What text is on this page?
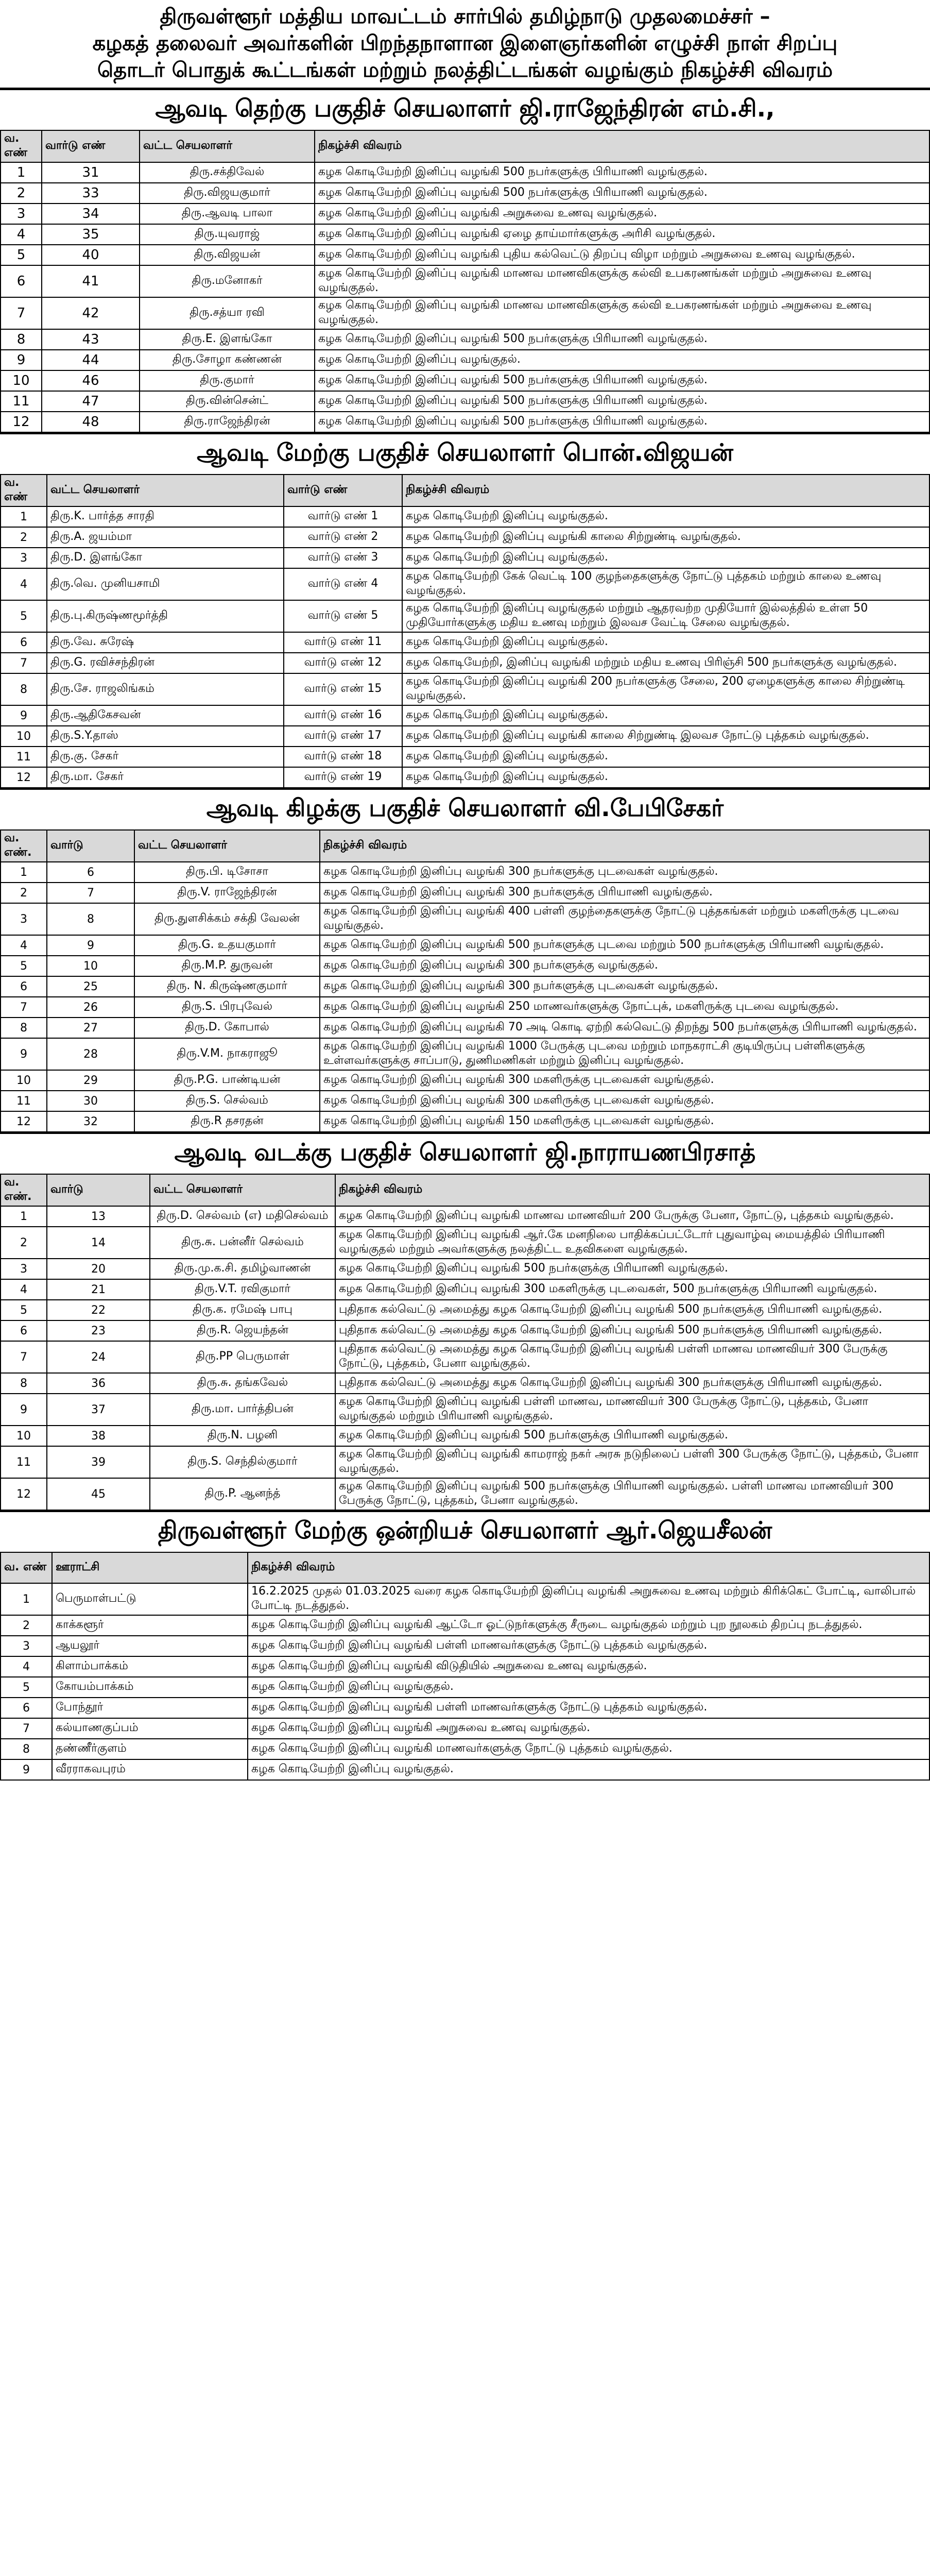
திருவள்ளூர் மத்திய மாவட்டம் சார்பில் தமிழ்நாடு முதலமைச்சர் –
கழகத் தலைவர் அவர்களின் பிறந்தநாளான இளைஞர்களின் எழுச்சி நாள் சிறப்பு
தொடர் பொதுக் கூட்டங்கள் மற்றும் நலத்திட்டங்கள் வழங்கும் நிகழ்ச்சி விவரம்
ஆவடி தெற்கு பகுதிச் செயலாளர் ஜி.ராஜேந்திரன் எம்.சி.,
வ. எண்	வார்டு எண்	வட்ட செயலாளர்	நிகழ்ச்சி விவரம்
1	31	திரு.சக்திவேல்	கழக கொடியேற்றி இனிப்பு வழங்கி 500 நபர்களுக்கு பிரியாணி வழங்குதல்.
2	33	திரு.விஜயகுமார்	கழக கொடியேற்றி இனிப்பு வழங்கி 500 நபர்களுக்கு பிரியாணி வழங்குதல்.
3	34	திரு.ஆவடி பாலா	கழக கொடியேற்றி இனிப்பு வழங்கி அறுசுவை உணவு வழங்குதல்.
4	35	திரு.யுவராஜ்	கழக கொடியேற்றி இனிப்பு வழங்கி ஏழை தாய்மார்களுக்கு அரிசி வழங்குதல்.
5	40	திரு.விஜயன்	கழக கொடியேற்றி இனிப்பு வழங்கி புதிய கல்வெட்டு திறப்பு விழா மற்றும் அறுசுவை உணவு வழங்குதல்.
6	41	திரு.மனோகர்	கழக கொடியேற்றி இனிப்பு வழங்கி மாணவ மாணவிகளுக்கு கல்வி உபகரணங்கள் மற்றும் அறுசுவை உணவு வழங்குதல்.
7	42	திரு.சத்யா ரவி	கழக கொடியேற்றி இனிப்பு வழங்கி மாணவ மாணவிகளுக்கு கல்வி உபகரணங்கள் மற்றும் அறுசுவை உணவு வழங்குதல்.
8	43	திரு.E. இளங்கோ	கழக கொடியேற்றி இனிப்பு வழங்கி 500 நபர்களுக்கு பிரியாணி வழங்குதல்.
9	44	திரு.சோழா கண்ணன்	கழக கொடியேற்றி இனிப்பு வழங்குதல்.
10	46	திரு.குமார்	கழக கொடியேற்றி இனிப்பு வழங்கி 500 நபர்களுக்கு பிரியாணி வழங்குதல்.
11	47	திரு.வின்சென்ட்	கழக கொடியேற்றி இனிப்பு வழங்கி 500 நபர்களுக்கு பிரியாணி வழங்குதல்.
12	48	திரு.ராஜேந்திரன்	கழக கொடியேற்றி இனிப்பு வழங்கி 500 நபர்களுக்கு பிரியாணி வழங்குதல்.
ஆவடி மேற்கு பகுதிச் செயலாளர் பொன்.விஜயன்
வ. எண்	வட்ட செயலாளர்	வார்டு எண்	நிகழ்ச்சி விவரம்
1	திரு.K. பார்த்த சாரதி	வார்டு எண் 1	கழக கொடியேற்றி இனிப்பு வழங்குதல்.
2	திரு.A. ஜயம்மா	வார்டு எண் 2	கழக கொடியேற்றி இனிப்பு வழங்கி காலை சிற்றுண்டி வழங்குதல்.
3	திரு.D. இளங்கோ	வார்டு எண் 3	கழக கொடியேற்றி இனிப்பு வழங்குதல்.
4	திரு.வெ. முனியசாமி	வார்டு எண் 4	கழக கொடியேற்றி கேக் வெட்டி 100 குழந்தைகளுக்கு நோட்டு புத்தகம் மற்றும் காலை உணவு வழங்குதல்.
5	திரு.பு.கிருஷ்ணமூர்த்தி	வார்டு எண் 5	கழக கொடியேற்றி இனிப்பு வழங்குதல் மற்றும் ஆதரவற்ற முதியோர் இல்லத்தில் உள்ள 50 முதியோர்களுக்கு மதிய உணவு மற்றும் இலவச வேட்டி சேலை வழங்குதல்.
6	திரு.வே. சுரேஷ்	வார்டு எண் 11	கழக கொடியேற்றி இனிப்பு வழங்குதல்.
7	திரு.G. ரவிச்சந்திரன்	வார்டு எண் 12	கழக கொடியேற்றி, இனிப்பு வழங்கி மற்றும் மதிய உணவு பிரிஞ்சி 500 நபர்களுக்கு வழங்குதல்.
8	திரு.சே. ராஜலிங்கம்	வார்டு எண் 15	கழக கொடியேற்றி இனிப்பு வழங்கி 200 நபர்களுக்கு சேலை, 200 ஏழைகளுக்கு காலை சிற்றுண்டி வழங்குதல்.
9	திரு.ஆதிகேசவன்	வார்டு எண் 16	கழக கொடியேற்றி இனிப்பு வழங்குதல்.
10	திரு.S.Y.தாஸ்	வார்டு எண் 17	கழக கொடியேற்றி இனிப்பு வழங்கி காலை சிற்றுண்டி இலவச நோட்டு புத்தகம் வழங்குதல்.
11	திரு.கு. சேகர்	வார்டு எண் 18	கழக கொடியேற்றி இனிப்பு வழங்குதல்.
12	திரு.மா. சேகர்	வார்டு எண் 19	கழக கொடியேற்றி இனிப்பு வழங்குதல்.
ஆவடி கிழக்கு பகுதிச் செயலாளர் வி.பேபிசேகர்
வ. எண்.	வார்டு	வட்ட செயலாளர்	நிகழ்ச்சி விவரம்
1	6	திரு.பி. டிசோசா	கழக கொடியேற்றி இனிப்பு வழங்கி 300 நபர்களுக்கு புடவைகள் வழங்குதல்.
2	7	திரு.V. ராஜேந்திரன்	கழக கொடியேற்றி இனிப்பு வழங்கி 300 நபர்களுக்கு பிரியாணி வழங்குதல்.
3	8	திரு.துளசிக்கம் சக்தி வேலன்	கழக கொடியேற்றி இனிப்பு வழங்கி 400 பள்ளி குழந்தைகளுக்கு நோட்டு புத்தகங்கள் மற்றும் மகளிருக்கு புடவை வழங்குதல்.
4	9	திரு.G. உதயகுமார்	கழக கொடியேற்றி இனிப்பு வழங்கி 500 நபர்களுக்கு புடவை மற்றும் 500 நபர்களுக்கு பிரியாணி வழங்குதல்.
5	10	திரு.M.P. துருவன்	கழக கொடியேற்றி இனிப்பு வழங்கி 300 நபர்களுக்கு வழங்குதல்.
6	25	திரு. N. கிருஷ்ணகுமார்	கழக கொடியேற்றி இனிப்பு வழங்கி 300 நபர்களுக்கு புடவைகள் வழங்குதல்.
7	26	திரு.S. பிரபுவேல்	கழக கொடியேற்றி இனிப்பு வழங்கி 250 மாணவர்களுக்கு நோட்புக், மகளிருக்கு புடவை வழங்குதல்.
8	27	திரு.D. கோபால்	கழக கொடியேற்றி இனிப்பு வழங்கி 70 அடி கொடி ஏற்றி கல்வெட்டு திறந்து 500 நபர்களுக்கு பிரியாணி வழங்குதல்.
9	28	திரு.V.M. நாகராஜூ	கழக கொடியேற்றி இனிப்பு வழங்கி 1000 பேருக்கு புடவை மற்றும் மாநகராட்சி குடியிருப்பு பள்ளிகளுக்கு உள்ளவர்களுக்கு சாப்பாடு, துணிமணிகள் மற்றும் இனிப்பு வழங்குதல்.
10	29	திரு.P.G. பாண்டியன்	கழக கொடியேற்றி இனிப்பு வழங்கி 300 மகளிருக்கு புடவைகள் வழங்குதல்.
11	30	திரு.S. செல்வம்	கழக கொடியேற்றி இனிப்பு வழங்கி 300 மகளிருக்கு புடவைகள் வழங்குதல்.
12	32	திரு.R தசரதன்	கழக கொடியேற்றி இனிப்பு வழங்கி 150 மகளிருக்கு புடவைகள் வழங்குதல்.
ஆவடி வடக்கு பகுதிச் செயலாளர் ஜி.நாராயணபிரசாத்
வ. எண்.	வார்டு	வட்ட செயலாளர்	நிகழ்ச்சி விவரம்
1	13	திரு.D. செல்வம் (எ) மதிசெல்வம்	கழக கொடியேற்றி இனிப்பு வழங்கி மாணவ மாணவியர் 200 பேருக்கு பேனா, நோட்டு, புத்தகம் வழங்குதல்.
2	14	திரு.சு. பன்னீர் செல்வம்	கழக கொடியேற்றி இனிப்பு வழங்கி ஆர்.கே மனநிலை பாதிக்கப்பட்டோர் புதுவாழ்வு மையத்தில் பிரியாணி வழங்குதல் மற்றும் அவர்களுக்கு நலத்திட்ட உதவிகளை வழங்குதல்.
3	20	திரு.மு.க.சி. தமிழ்வாணன்	கழக கொடியேற்றி இனிப்பு வழங்கி 500 நபர்களுக்கு பிரியாணி வழங்குதல்.
4	21	திரு.V.T. ரவிகுமார்	கழக கொடியேற்றி இனிப்பு வழங்கி 300 மகளிருக்கு புடவைகள், 500 நபர்களுக்கு பிரியாணி வழங்குதல்.
5	22	திரு.க. ரமேஷ் பாபு	புதிதாக கல்வெட்டு அமைத்து கழக கொடியேற்றி இனிப்பு வழங்கி 500 நபர்களுக்கு பிரியாணி வழங்குதல்.
6	23	திரு.R. ஜெயந்தன்	புதிதாக கல்வெட்டு அமைத்து கழக கொடியேற்றி இனிப்பு வழங்கி 500 நபர்களுக்கு பிரியாணி வழங்குதல்.
7	24	திரு.PP பெருமாள்	புதிதாக கல்வெட்டு அமைத்து கழக கொடியேற்றி இனிப்பு வழங்கி பள்ளி மாணவ மாணவியர் 300 பேருக்கு நோட்டு, புத்தகம், பேனா வழங்குதல்.
8	36	திரு.சு. தங்கவேல்	புதிதாக கல்வெட்டு அமைத்து கழக கொடியேற்றி இனிப்பு வழங்கி 300 நபர்களுக்கு பிரியாணி வழங்குதல்.
9	37	திரு.மா. பார்த்திபன்	கழக கொடியேற்றி இனிப்பு வழங்கி பள்ளி மாணவ, மாணவியர் 300 பேருக்கு நோட்டு, புத்தகம், பேனா வழங்குதல் மற்றும் பிரியாணி வழங்குதல்.
10	38	திரு.N. பழனி	கழக கொடியேற்றி இனிப்பு வழங்கி 500 நபர்களுக்கு பிரியாணி வழங்குதல்.
11	39	திரு.S. செந்தில்குமார்	கழக கொடியேற்றி இனிப்பு வழங்கி காமராஜ் நகர் அரசு நடுநிலைப் பள்ளி 300 பேருக்கு நோட்டு, புத்தகம், பேனா வழங்குதல்.
12	45	திரு.P. ஆனந்த்	கழக கொடியேற்றி இனிப்பு வழங்கி 500 நபர்களுக்கு பிரியாணி வழங்குதல். பள்ளி மாணவ மாணவியர் 300 பேருக்கு நோட்டு, புத்தகம், பேனா வழங்குதல்.
திருவள்ளூர் மேற்கு ஒன்றியச் செயலாளர் ஆர்.ஜெயசீலன்
வ. எண்	ஊராட்சி	நிகழ்ச்சி விவரம்
1	பெருமாள்பட்டு	16.2.2025 முதல் 01.03.2025 வரை கழக கொடியேற்றி இனிப்பு வழங்கி அறுசுவை உணவு மற்றும் கிரிக்கெட் போட்டி, வாலிபால் போட்டி நடத்துதல்.
2	காக்களூர்	கழக கொடியேற்றி இனிப்பு வழங்கி ஆட்டோ ஓட்டுநர்களுக்கு சீருடை வழங்குதல் மற்றும் புற நூலகம் திறப்பு நடத்துதல்.
3	ஆயலூர்	கழக கொடியேற்றி இனிப்பு வழங்கி பள்ளி மாணவர்களுக்கு நோட்டு புத்தகம் வழங்குதல்.
4	கிளாம்பாக்கம்	கழக கொடியேற்றி இனிப்பு வழங்கி விடுதியில் அறுசுவை உணவு வழங்குதல்.
5	கோயம்பாக்கம்	கழக கொடியேற்றி இனிப்பு வழங்குதல்.
6	போந்தூர்	கழக கொடியேற்றி இனிப்பு வழங்கி பள்ளி மாணவர்களுக்கு நோட்டு புத்தகம் வழங்குதல்.
7	கல்யாணகுப்பம்	கழக கொடியேற்றி இனிப்பு வழங்கி அறுசுவை உணவு வழங்குதல்.
8	தண்ணீர்குளம்	கழக கொடியேற்றி இனிப்பு வழங்கி மாணவர்களுக்கு நோட்டு புத்தகம் வழங்குதல்.
9	வீரராகவபுரம்	கழக கொடியேற்றி இனிப்பு வழங்குதல்.
